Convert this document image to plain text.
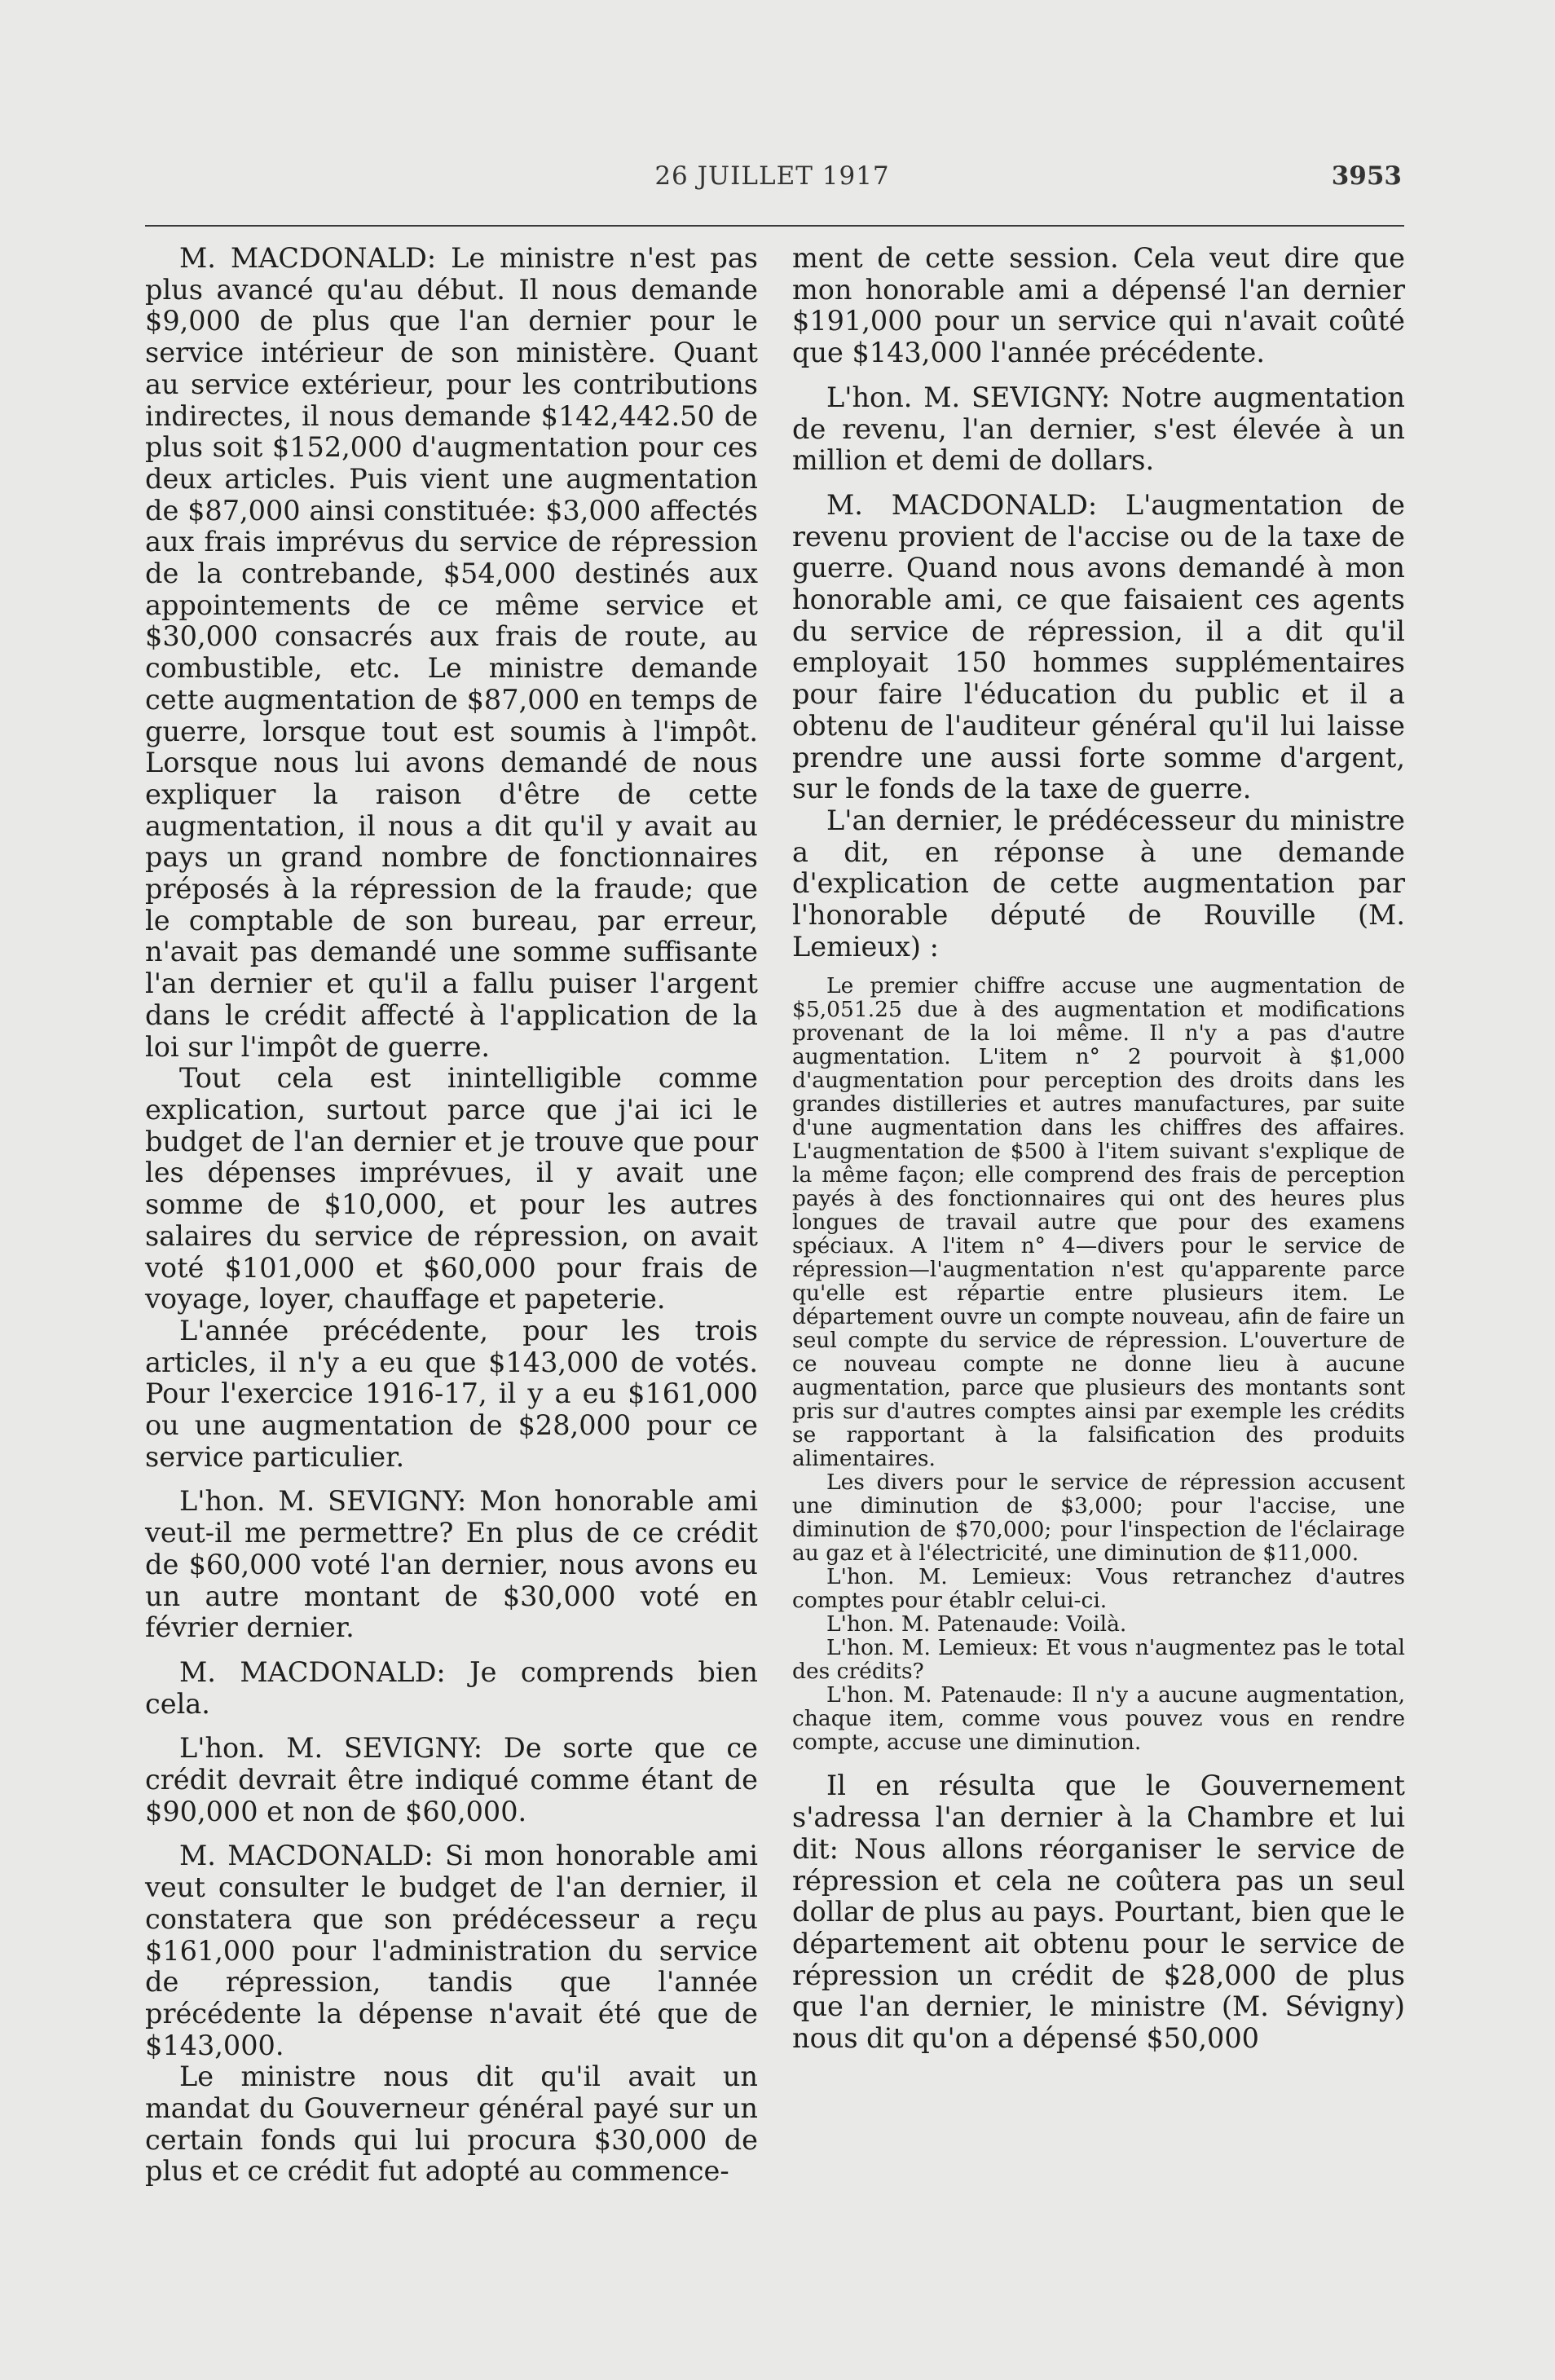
26 JUILLET 1917	3953

M. MACDONALD: Le ministre n'est pas plus avancé qu'au début. Il nous demande $9,000 de plus que l'an dernier pour le service intérieur de son ministère. Quant au service extérieur, pour les contributions indirectes, il nous demande $142,442.50 de plus soit $152,000 d'augmentation pour ces deux articles. Puis vient une augmentation de $87,000 ainsi constituée: $3,000 affectés aux frais imprévus du service de répression de la contrebande, $54,000 destinés aux appointements de ce même service et $30,000 consacrés aux frais de route, au combustible, etc. Le ministre demande cette augmentation de $87,000 en temps de guerre, lorsque tout est soumis à l'impôt. Lorsque nous lui avons demandé de nous expliquer la raison d'être de cette augmentation, il nous a dit qu'il y avait au pays un grand nombre de fonctionnaires préposés à la répression de la fraude; que le comptable de son bureau, par erreur, n'avait pas demandé une somme suffisante l'an dernier et qu'il a fallu puiser l'argent dans le crédit affecté à l'application de la loi sur l'impôt de guerre.

Tout cela est inintelligible comme explication, surtout parce que j'ai ici le budget de l'an dernier et je trouve que pour les dépenses imprévues, il y avait une somme de $10,000, et pour les autres salaires du service de répression, on avait voté $101,000 et $60,000 pour frais de voyage, loyer, chauffage et papeterie.

L'année précédente, pour les trois articles, il n'y a eu que $143,000 de votés. Pour l'exercice 1916-17, il y a eu $161,000 ou une augmentation de $28,000 pour ce service particulier.

L'hon. M. SEVIGNY: Mon honorable ami veut-il me permettre? En plus de ce crédit de $60,000 voté l'an dernier, nous avons eu un autre montant de $30,000 voté en février dernier.

M. MACDONALD: Je comprends bien cela.

L'hon. M. SEVIGNY: De sorte que ce crédit devrait être indiqué comme étant de $90,000 et non de $60,000.

M. MACDONALD: Si mon honorable ami veut consulter le budget de l'an dernier, il constatera que son prédécesseur a reçu $161,000 pour l'administration du service de répression, tandis que l'année précédente la dépense n'avait été que de $143,000.

Le ministre nous dit qu'il avait un mandat du Gouverneur général payé sur un certain fonds qui lui procura $30,000 de plus et ce crédit fut adopté au commence-

ment de cette session. Cela veut dire que mon honorable ami a dépensé l'an dernier $191,000 pour un service qui n'avait coûté que $143,000 l'année précédente.

L'hon. M. SEVIGNY: Notre augmentation de revenu, l'an dernier, s'est élevée à un million et demi de dollars.

M. MACDONALD: L'augmentation de revenu provient de l'accise ou de la taxe de guerre. Quand nous avons demandé à mon honorable ami, ce que faisaient ces agents du service de répression, il a dit qu'il employait 150 hommes supplémentaires pour faire l'éducation du public et il a obtenu de l'auditeur général qu'il lui laisse prendre une aussi forte somme d'argent, sur le fonds de la taxe de guerre.

L'an dernier, le prédécesseur du ministre a dit, en réponse à une demande d'explication de cette augmentation par l'honorable député de Rouville (M. Lemieux) :

Le premier chiffre accuse une augmentation de $5,051.25 due à des augmentation et modifications provenant de la loi même. Il n'y a pas d'autre augmentation. L'item n° 2 pourvoit à $1,000 d'augmentation pour perception des droits dans les grandes distilleries et autres manufactures, par suite d'une augmentation dans les chiffres des affaires. L'augmentation de $500 à l'item suivant s'explique de la même façon; elle comprend des frais de perception payés à des fonctionnaires qui ont des heures plus longues de travail autre que pour des examens spéciaux. A l'item n° 4—divers pour le service de répression—l'augmentation n'est qu'apparente parce qu'elle est répartie entre plusieurs item. Le département ouvre un compte nouveau, afin de faire un seul compte du service de répression. L'ouverture de ce nouveau compte ne donne lieu à aucune augmentation, parce que plusieurs des montants sont pris sur d'autres comptes ainsi par exemple les crédits se rapportant à la falsification des produits alimentaires.

Les divers pour le service de répression accusent une diminution de $3,000; pour l'accise, une diminution de $70,000; pour l'inspection de l'éclairage au gaz et à l'électricité, une diminution de $11,000.

L'hon. M. Lemieux: Vous retranchez d'autres comptes pour établr celui-ci.

L'hon. M. Patenaude: Voilà.

L'hon. M. Lemieux: Et vous n'augmentez pas le total des crédits?

L'hon. M. Patenaude: Il n'y a aucune augmentation, chaque item, comme vous pouvez vous en rendre compte, accuse une diminution.

Il en résulta que le Gouvernement s'adressa l'an dernier à la Chambre et lui dit: Nous allons réorganiser le service de répression et cela ne coûtera pas un seul dollar de plus au pays. Pourtant, bien que le département ait obtenu pour le service de répression un crédit de $28,000 de plus que l'an dernier, le ministre (M. Sévigny) nous dit qu'on a dépensé $50,000
